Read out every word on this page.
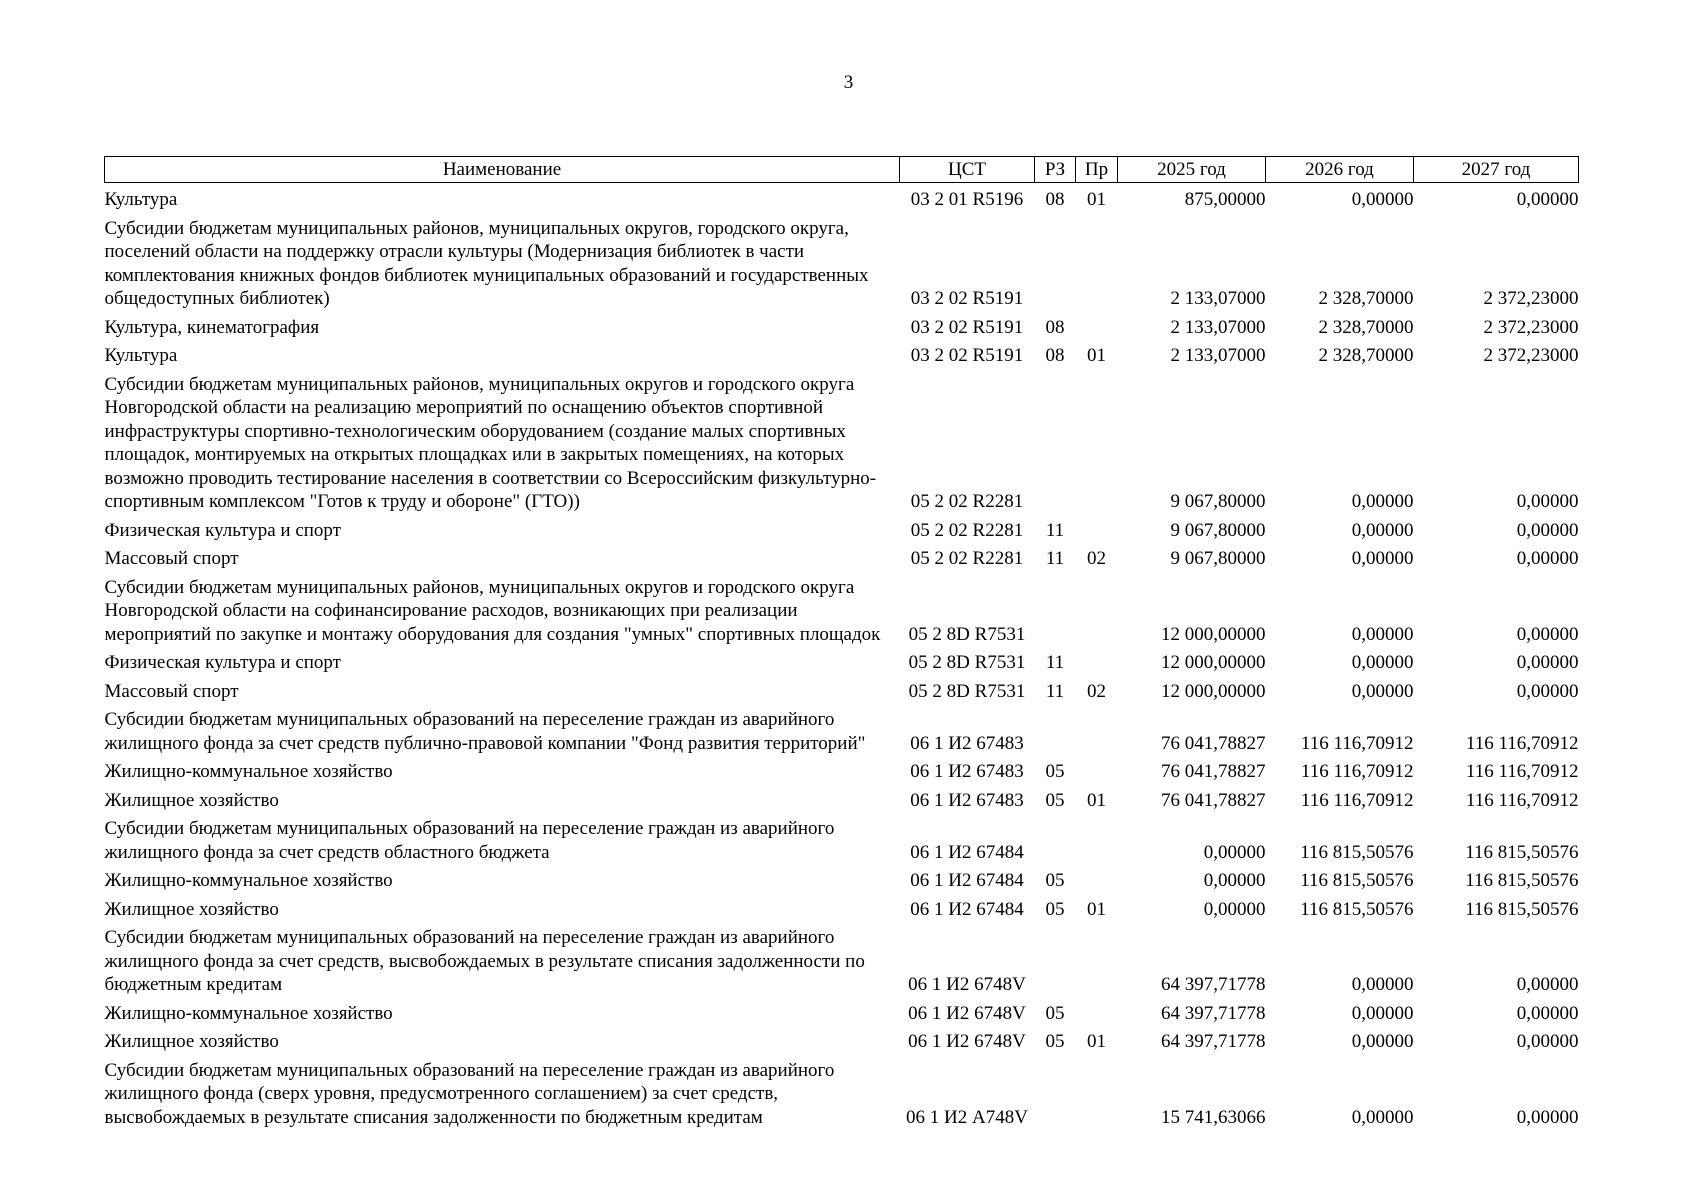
3
Наименование	ЦСТ	РЗ	Пр	2025 год	2026 год	2027 год

Культура	03 2 01 R5196	08	01	875,00000	0,00000	0,00000
Субсидии бюджетам муниципальных районов, муниципальных округов, городского округа, поселений области на поддержку отрасли культуры (Модернизация библиотек в части комплектования книжных фондов библиотек муниципальных образований и государственных общедоступных библиотек)	03 2 02 R5191			2 133,07000	2 328,70000	2 372,23000
Культура, кинематография	03 2 02 R5191	08		2 133,07000	2 328,70000	2 372,23000
Культура	03 2 02 R5191	08	01	2 133,07000	2 328,70000	2 372,23000
Субсидии бюджетам муниципальных районов, муниципальных округов и городского округа Новгородской области на реализацию мероприятий по оснащению объектов спортивной инфраструктуры спортивно-технологическим оборудованием (создание малых спортивных площадок, монтируемых на открытых площадках или в закрытых помещениях, на которых возможно проводить тестирование населения в соответствии со Всероссийским физкультурно-спортивным комплексом "Готов к труду и обороне" (ГТО))	05 2 02 R2281			9 067,80000	0,00000	0,00000
Физическая культура и спорт	05 2 02 R2281	11		9 067,80000	0,00000	0,00000
Массовый спорт	05 2 02 R2281	11	02	9 067,80000	0,00000	0,00000
Субсидии бюджетам муниципальных районов, муниципальных округов и городского округа Новгородской области на софинансирование расходов, возникающих при реализации мероприятий по закупке и монтажу оборудования для создания "умных" спортивных площадок	05 2 8D R7531			12 000,00000	0,00000	0,00000
Физическая культура и спорт	05 2 8D R7531	11		12 000,00000	0,00000	0,00000
Массовый спорт	05 2 8D R7531	11	02	12 000,00000	0,00000	0,00000
Субсидии бюджетам муниципальных образований на переселение граждан из аварийного жилищного фонда за счет средств публично-правовой компании "Фонд развития территорий"	06 1 И2 67483			76 041,78827	116 116,70912	116 116,70912
Жилищно-коммунальное хозяйство	06 1 И2 67483	05		76 041,78827	116 116,70912	116 116,70912
Жилищное хозяйство	06 1 И2 67483	05	01	76 041,78827	116 116,70912	116 116,70912
Субсидии бюджетам муниципальных образований на переселение граждан из аварийного жилищного фонда за счет средств областного бюджета	06 1 И2 67484			0,00000	116 815,50576	116 815,50576
Жилищно-коммунальное хозяйство	06 1 И2 67484	05		0,00000	116 815,50576	116 815,50576
Жилищное хозяйство	06 1 И2 67484	05	01	0,00000	116 815,50576	116 815,50576
Субсидии бюджетам муниципальных образований на переселение граждан из аварийного жилищного фонда за счет средств, высвобождаемых в результате списания задолженности по бюджетным кредитам	06 1 И2 6748V			64 397,71778	0,00000	0,00000
Жилищно-коммунальное хозяйство	06 1 И2 6748V	05		64 397,71778	0,00000	0,00000
Жилищное хозяйство	06 1 И2 6748V	05	01	64 397,71778	0,00000	0,00000
Субсидии бюджетам муниципальных образований на переселение граждан из аварийного жилищного фонда (сверх уровня, предусмотренного соглашением) за счет средств, высвобождаемых в результате списания задолженности по бюджетным кредитам	06 1 И2 А748V			15 741,63066	0,00000	0,00000
